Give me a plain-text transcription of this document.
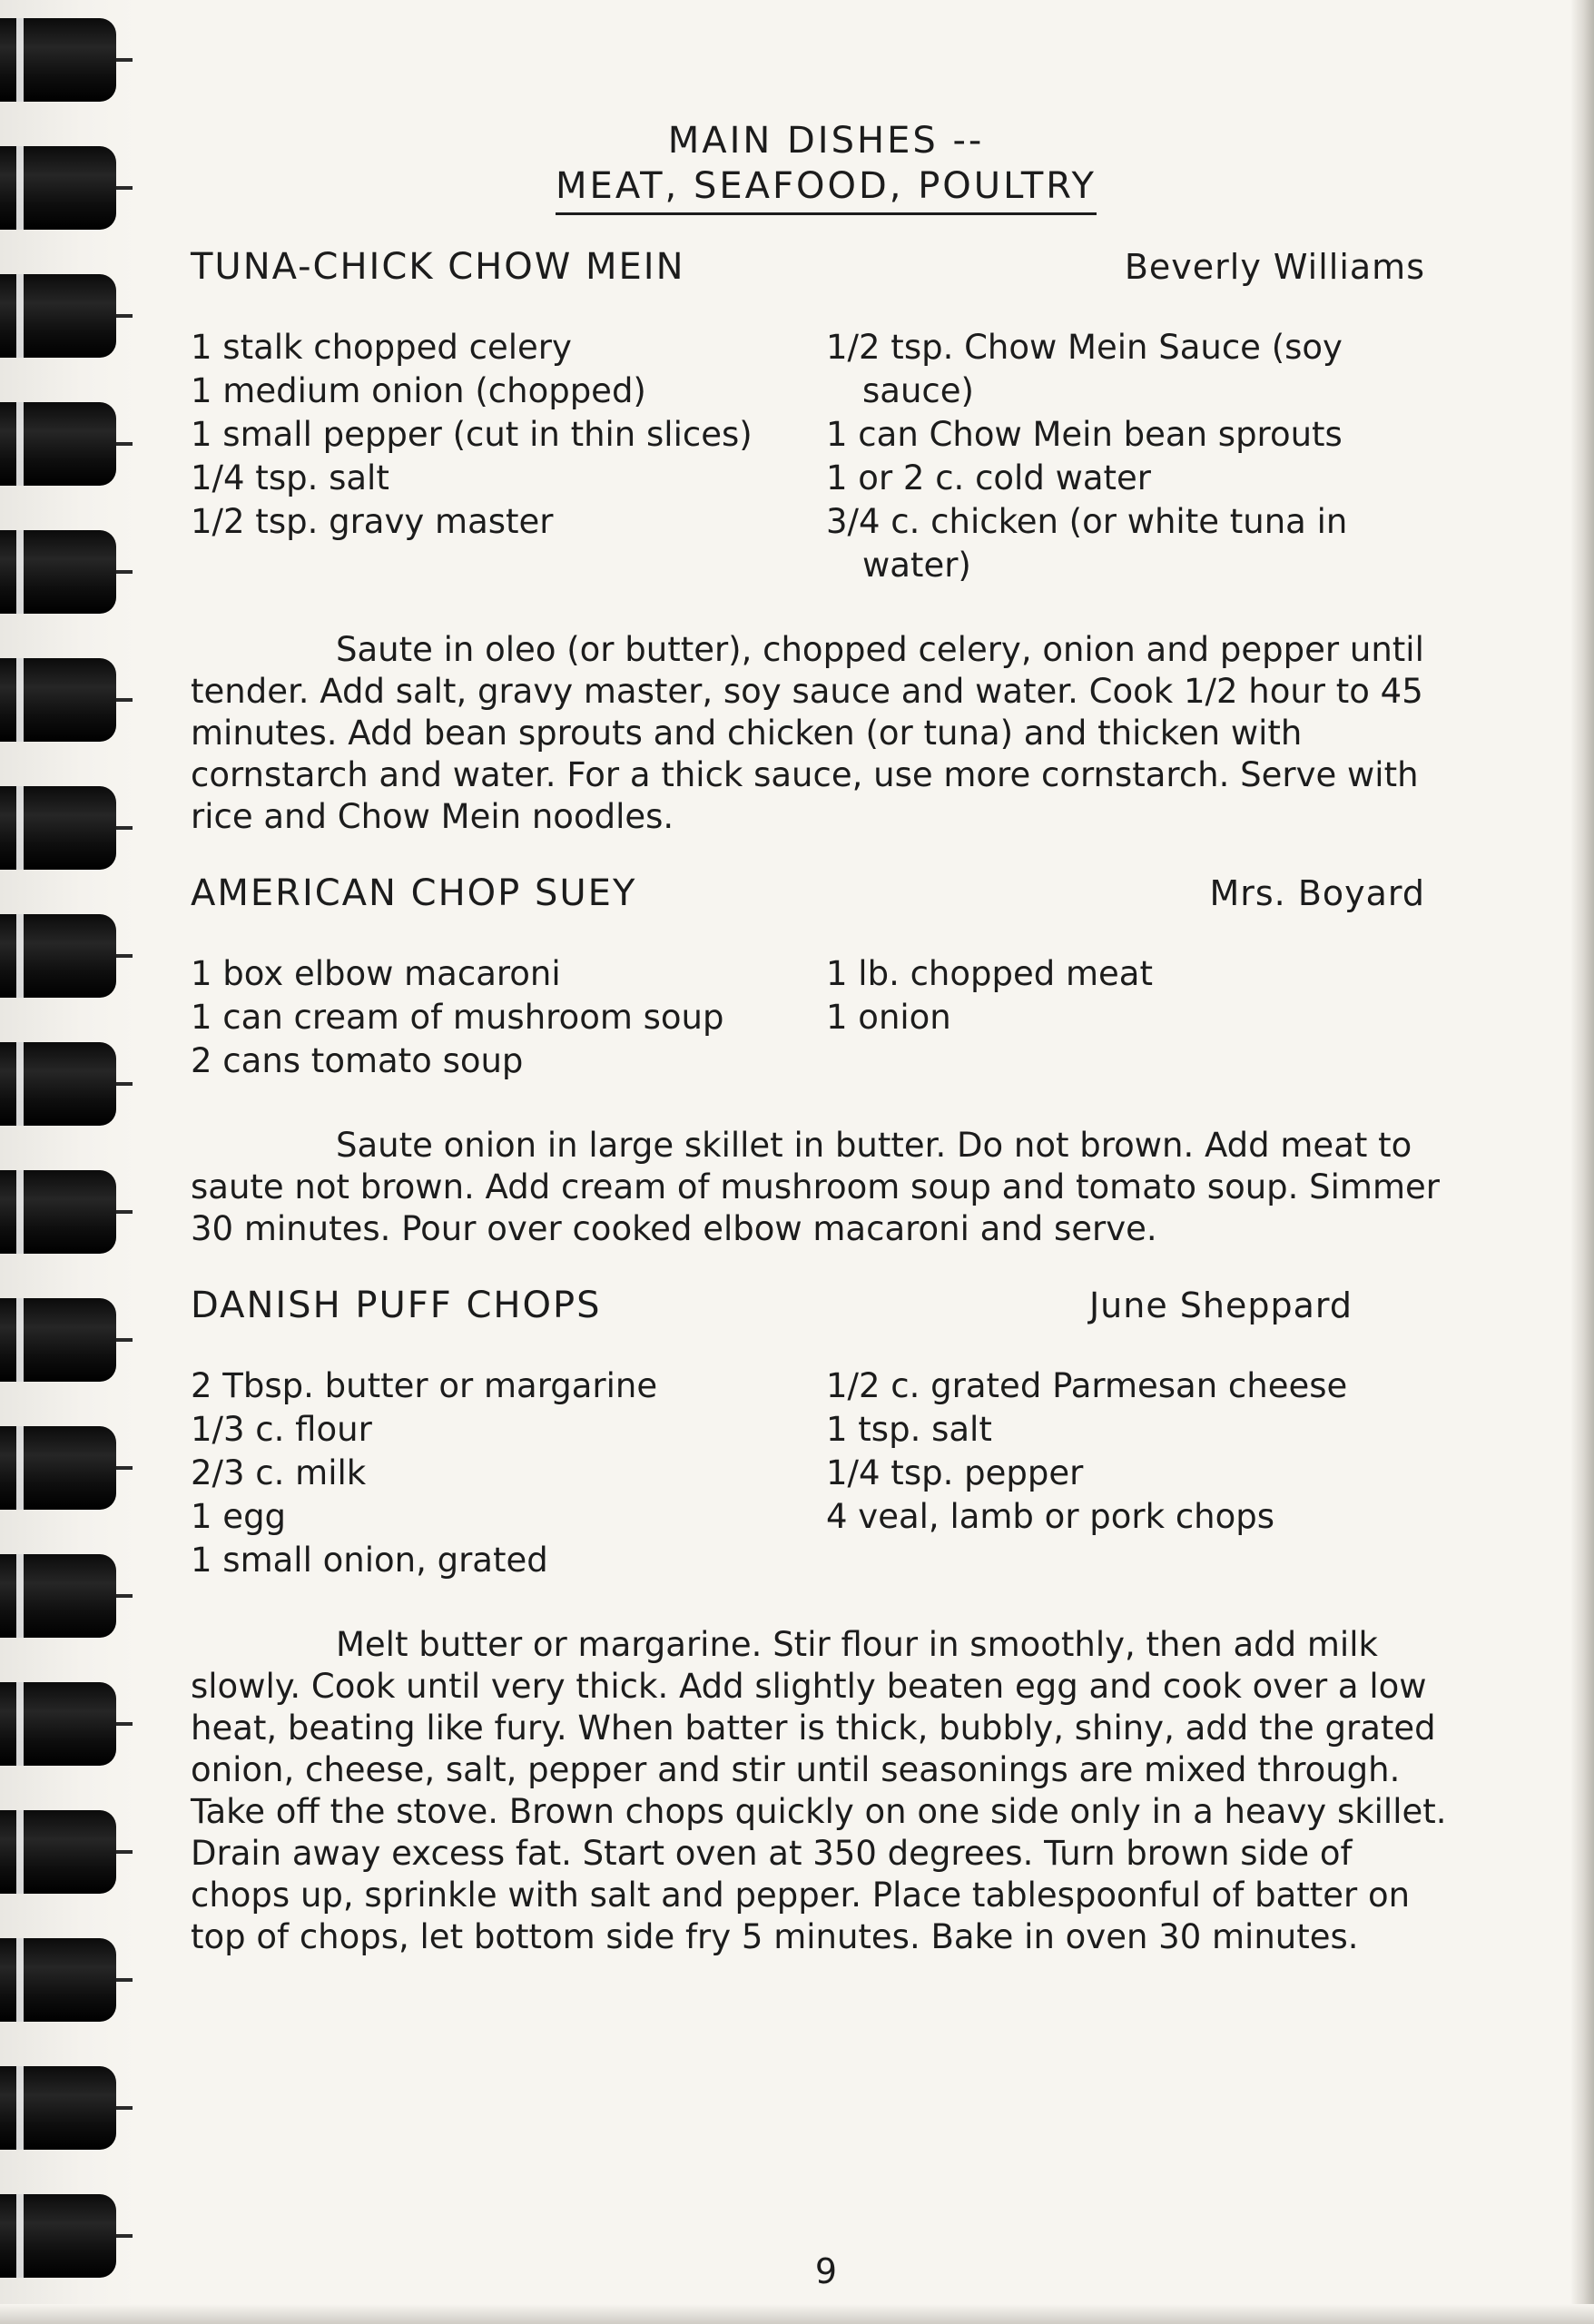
MAIN DISHES --
MEAT, SEAFOOD, POULTRY
TUNA-CHICK CHOW MEIN	Beverly Williams
1 stalk chopped celery
1 medium onion (chopped)
1 small pepper (cut in thin slices)
1/4 tsp. salt
1/2 tsp. gravy master
1/2 tsp. Chow Mein Sauce (soy sauce)
1 can Chow Mein bean sprouts
1 or 2 c. cold water
3/4 c. chicken (or white tuna in water)

Saute in oleo (or butter), chopped celery, onion and pepper until tender. Add salt, gravy master, soy sauce and water. Cook 1/2 hour to 45 minutes. Add bean sprouts and chicken (or tuna) and thicken with cornstarch and water. For a thick sauce, use more cornstarch. Serve with rice and Chow Mein noodles.

AMERICAN CHOP SUEY	Mrs. Boyard
1 box elbow macaroni
1 can cream of mushroom soup
2 cans tomato soup
1 lb. chopped meat
1 onion

Saute onion in large skillet in butter. Do not brown. Add meat to saute not brown. Add cream of mushroom soup and tomato soup. Simmer 30 minutes. Pour over cooked elbow macaroni and serve.

DANISH PUFF CHOPS	June Sheppard
2 Tbsp. butter or margarine
1/3 c. flour
2/3 c. milk
1 egg
1 small onion, grated
1/2 c. grated Parmesan cheese
1 tsp. salt
1/4 tsp. pepper
4 veal, lamb or pork chops

Melt butter or margarine. Stir flour in smoothly, then add milk slowly. Cook until very thick. Add slightly beaten egg and cook over a low heat, beating like fury. When batter is thick, bubbly, shiny, add the grated onion, cheese, salt, pepper and stir until seasonings are mixed through. Take off the stove. Brown chops quickly on one side only in a heavy skillet. Drain away excess fat. Start oven at 350 degrees. Turn brown side of chops up, sprinkle with salt and pepper. Place tablespoonful of batter on top of chops, let bottom side fry 5 minutes. Bake in oven 30 minutes.

9
